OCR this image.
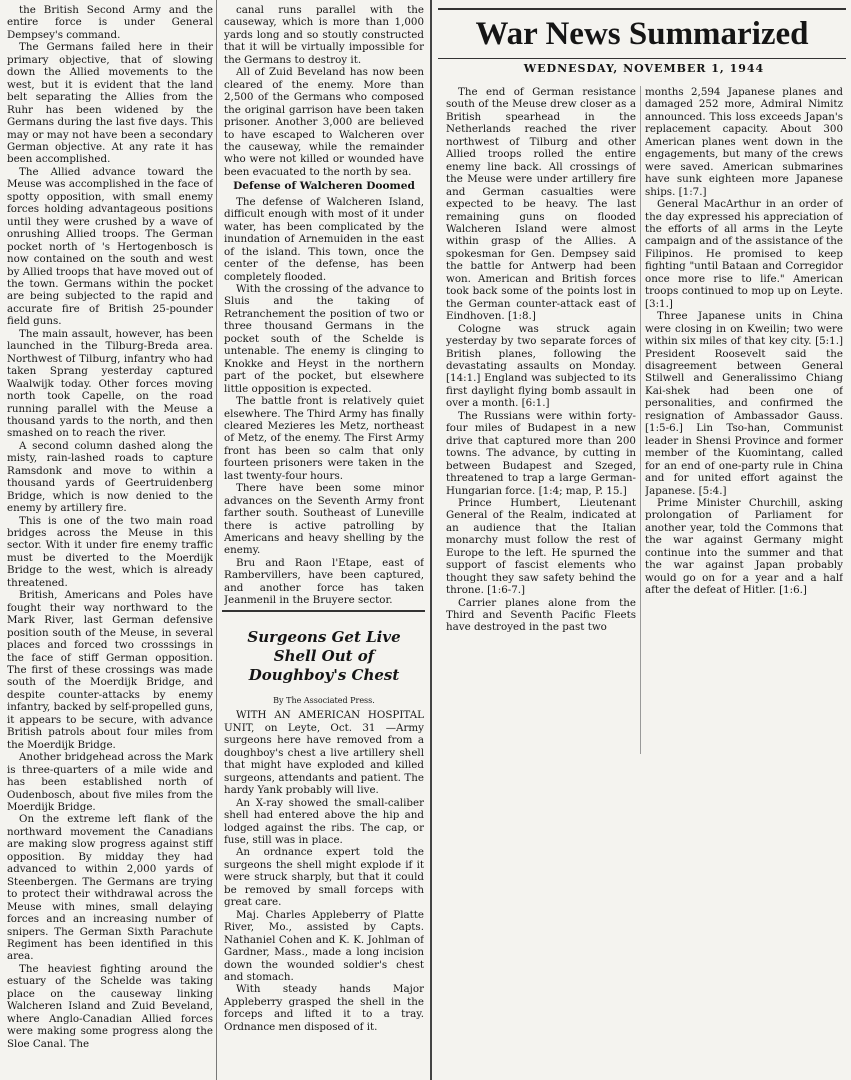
the British Second Army and the entire force is under General Dempsey's command.

The Germans failed here in their primary objective, that of slowing down the Allied movements to the west, but it is evident that the land belt separating the Allies from the Ruhr has been widened by the Germans during the last five days. This may or may not have been a secondary German objective. At any rate it has been accomplished.

The Allied advance toward the Meuse was accomplished in the face of spotty opposition, with small enemy forces holding advantageous positions until they were crushed by a wave of onrushing Allied troops. The German pocket north of 's Hertogenbosch is now contained on the south and west by Allied troops that have moved out of the town. Germans within the pocket are being subjected to the rapid and accurate fire of British 25-pounder field guns.

The main assault, however, has been launched in the Tilburg-Breda area. Northwest of Tilburg, infantry who had taken Sprang yesterday captured Waalwijk today. Other forces moving north took Capelle, on the road running parallel with the Meuse a thousand yards to the north, and then smashed on to reach the river.

A second column dashed along the misty, rain-lashed roads to capture Ramsdonk and move to within a thousand yards of Geertruidenberg Bridge, which is now denied to the enemy by artillery fire.

This is one of the two main road bridges across the Meuse in this sector. With it under fire enemy traffic must be diverted to the Moerdijk Bridge to the west, which is already threatened.

British, Americans and Poles have fought their way northward to the Mark River, last German defensive position south of the Meuse, in several places and forced two crosssings in the face of stiff German opposition. The first of these crossings was made south of the Moerdijk Bridge, and despite counter-attacks by enemy infantry, backed by self-propelled guns, it appears to be secure, with advance British patrols about four miles from the Moerdijk Bridge.

Another bridgehead across the Mark is three-quarters of a mile wide and has been established north of Oudenbosch, about five miles from the Moerdijk Bridge.

On the extreme left flank of the northward movement the Canadians are making slow progress against stiff opposition. By midday they had advanced to within 2,000 yards of Steenbergen. The Germans are trying to protect their withdrawal across the Meuse with mines, small delaying forces and an increasing number of snipers. The German Sixth Parachute Regiment has been identified in this area.

The heaviest fighting around the estuary of the Schelde was taking place on the causeway linking Walcheren Island and Zuid Beveland, where Anglo-Canadian Allied forces were making some progress along the Sloe Canal. The

canal runs parallel with the causeway, which is more than 1,000 yards long and so stoutly constructed that it will be virtually impossible for the Germans to destroy it.

All of Zuid Beveland has now been cleared of the enemy. More than 2,500 of the Germans who composed the original garrison have been taken prisoner. Another 3,000 are believed to have escaped to Walcheren over the causeway, while the remainder who were not killed or wounded have been evacuated to the north by sea.

Defense of Walcheren Doomed

The defense of Walcheren Island, difficult enough with most of it under water, has been complicated by the inundation of Arnemuiden in the east of the island. This town, once the center of the defense, has been completely flooded.

With the crossing of the advance to Sluis and the taking of Retranchement the position of two or three thousand Germans in the pocket south of the Schelde is untenable. The enemy is clinging to Knokke and Heyst in the northern part of the pocket, but elsewhere little opposition is expected.

The battle front is relatively quiet elsewhere. The Third Army has finally cleared Mezieres les Metz, northeast of Metz, of the enemy. The First Army front has been so calm that only fourteen prisoners were taken in the last twenty-four hours.

There have been some minor advances on the Seventh Army front farther south. Southeast of Luneville there is active patrolling by Americans and heavy shelling by the enemy.

Bru and Raon l'Etape, east of Rambervillers, have been captured, and another force has taken Jeanmenil in the Bruyere sector.

Surgeons Get Live Shell Out of Doughboy's Chest

By The Associated Press.

WITH AN AMERICAN HOSPITAL UNIT, on Leyte, Oct. 31 —Army surgeons here have removed from a doughboy's chest a live artillery shell that might have exploded and killed surgeons, attendants and patient. The hardy Yank probably will live.

An X-ray showed the small-caliber shell had entered above the hip and lodged against the ribs. The cap, or fuse, still was in place.

An ordnance expert told the surgeons the shell might explode if it were struck sharply, but that it could be removed by small forceps with great care.

Maj. Charles Appleberry of Platte River, Mo., assisted by Capts. Nathaniel Cohen and K. K. Johlman of Gardner, Mass., made a long incision down the wounded soldier's chest and stomach.

With steady hands Major Appleberry grasped the shell in the forceps and lifted it to a tray. Ordnance men disposed of it.

War News Summarized
WEDNESDAY, NOVEMBER 1, 1944

The end of German resistance south of the Meuse drew closer as a British spearhead in the Netherlands reached the river northwest of Tilburg and other Allied troops rolled the entire enemy line back. All crossings of the Meuse were under artillery fire and German casualties were expected to be heavy. The last remaining guns on flooded Walcheren Island were almost within grasp of the Allies. A spokesman for Gen. Dempsey said the battle for Antwerp had been won. American and British forces took back some of the points lost in the German counter-attack east of Eindhoven. [1:8.]

Cologne was struck again yesterday by two separate forces of British planes, following the devastating assaults on Monday. [14:1.] England was subjected to its first daylight flying bomb assault in over a month. [6:1.]

The Russians were within forty-four miles of Budapest in a new drive that captured more than 200 towns. The advance, by cutting in between Budapest and Szeged, threatened to trap a large German-Hungarian force. [1:4; map, P. 15.]

Prince Humbert, Lieutenant General of the Realm, indicated at an audience that the Italian monarchy must follow the rest of Europe to the left. He spurned the support of fascist elements who thought they saw safety behind the throne. [1:6-7.]

Carrier planes alone from the Third and Seventh Pacific Fleets have destroyed in the past two

months 2,594 Japanese planes and damaged 252 more, Admiral Nimitz announced. This loss exceeds Japan's replacement capacity. About 300 American planes went down in the engagements, but many of the crews were saved. American submarines have sunk eighteen more Japanese ships. [1:7.]

General MacArthur in an order of the day expressed his appreciation of the efforts of all arms in the Leyte campaign and of the assistance of the Filipinos. He promised to keep fighting "until Bataan and Corregidor once more rise to life." American troops continued to mop up on Leyte. [3:1.]

Three Japanese units in China were closing in on Kweilin; two were within six miles of that key city. [5:1.] President Roosevelt said the disagreement between General Stilwell and Generalissimo Chiang Kai-shek had been one of personalities, and confirmed the resignation of Ambassador Gauss. [1:5-6.] Lin Tso-han, Communist leader in Shensi Province and former member of the Kuomintang, called for an end of one-party rule in China and for united effort against the Japanese. [5:4.]

Prime Minister Churchill, asking prolongation of Parliament for another year, told the Commons that the war against Germany might continue into the summer and that the war against Japan probably would go on for a year and a half after the defeat of Hitler. [1:6.]
